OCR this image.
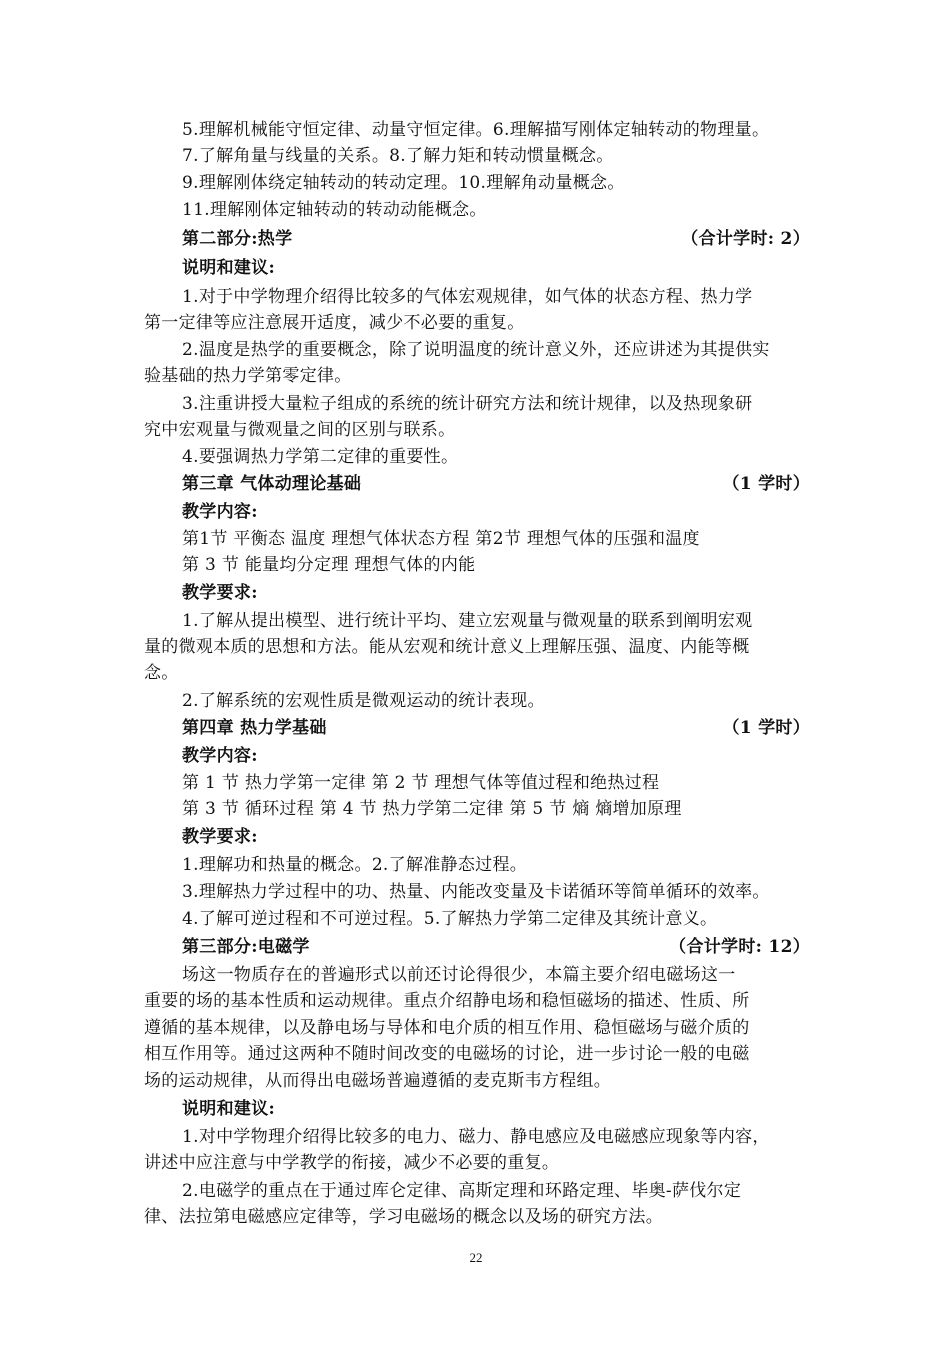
5.理解机械能守恒定律、动量守恒定律。6.理解描写刚体定轴转动的物理量。
7.了解角量与线量的关系。8.了解力矩和转动惯量概念。
9.理解刚体绕定轴转动的转动定理。10.理解角动量概念。
11.理解刚体定轴转动的转动动能概念。
第二部分:热学	（合计学时: 2）
说明和建议:
1.对于中学物理介绍得比较多的气体宏观规律，如气体的状态方程、热力学
第一定律等应注意展开适度，减少不必要的重复。
2.温度是热学的重要概念，除了说明温度的统计意义外，还应讲述为其提供实
验基础的热力学第零定律。
3.注重讲授大量粒子组成的系统的统计研究方法和统计规律，以及热现象研
究中宏观量与微观量之间的区别与联系。
4.要强调热力学第二定律的重要性。
第三章 气体动理论基础	（1 学时）
教学内容:
第1节 平衡态 温度 理想气体状态方程 第2节 理想气体的压强和温度
第 3 节 能量均分定理 理想气体的内能
教学要求:
1.了解从提出模型、进行统计平均、建立宏观量与微观量的联系到阐明宏观
量的微观本质的思想和方法。能从宏观和统计意义上理解压强、温度、内能等概
念。
2.了解系统的宏观性质是微观运动的统计表现。
第四章 热力学基础	（1 学时）
教学内容:
第 1 节 热力学第一定律 第 2 节 理想气体等值过程和绝热过程
第 3 节 循环过程 第 4 节 热力学第二定律 第 5 节 熵 熵增加原理
教学要求:
1.理解功和热量的概念。2.了解准静态过程。
3.理解热力学过程中的功、热量、内能改变量及卡诺循环等简单循环的效率。
4.了解可逆过程和不可逆过程。5.了解热力学第二定律及其统计意义。
第三部分:电磁学	（合计学时: 12）
场这一物质存在的普遍形式以前还讨论得很少，本篇主要介绍电磁场这一
重要的场的基本性质和运动规律。重点介绍静电场和稳恒磁场的描述、性质、所
遵循的基本规律，以及静电场与导体和电介质的相互作用、稳恒磁场与磁介质的
相互作用等。通过这两种不随时间改变的电磁场的讨论，进一步讨论一般的电磁
场的运动规律，从而得出电磁场普遍遵循的麦克斯韦方程组。
说明和建议:
1.对中学物理介绍得比较多的电力、磁力、静电感应及电磁感应现象等内容，
讲述中应注意与中学教学的衔接，减少不必要的重复。
2.电磁学的重点在于通过库仑定律、高斯定理和环路定理、毕奥-萨伐尔定
律、法拉第电磁感应定律等，学习电磁场的概念以及场的研究方法。
22
